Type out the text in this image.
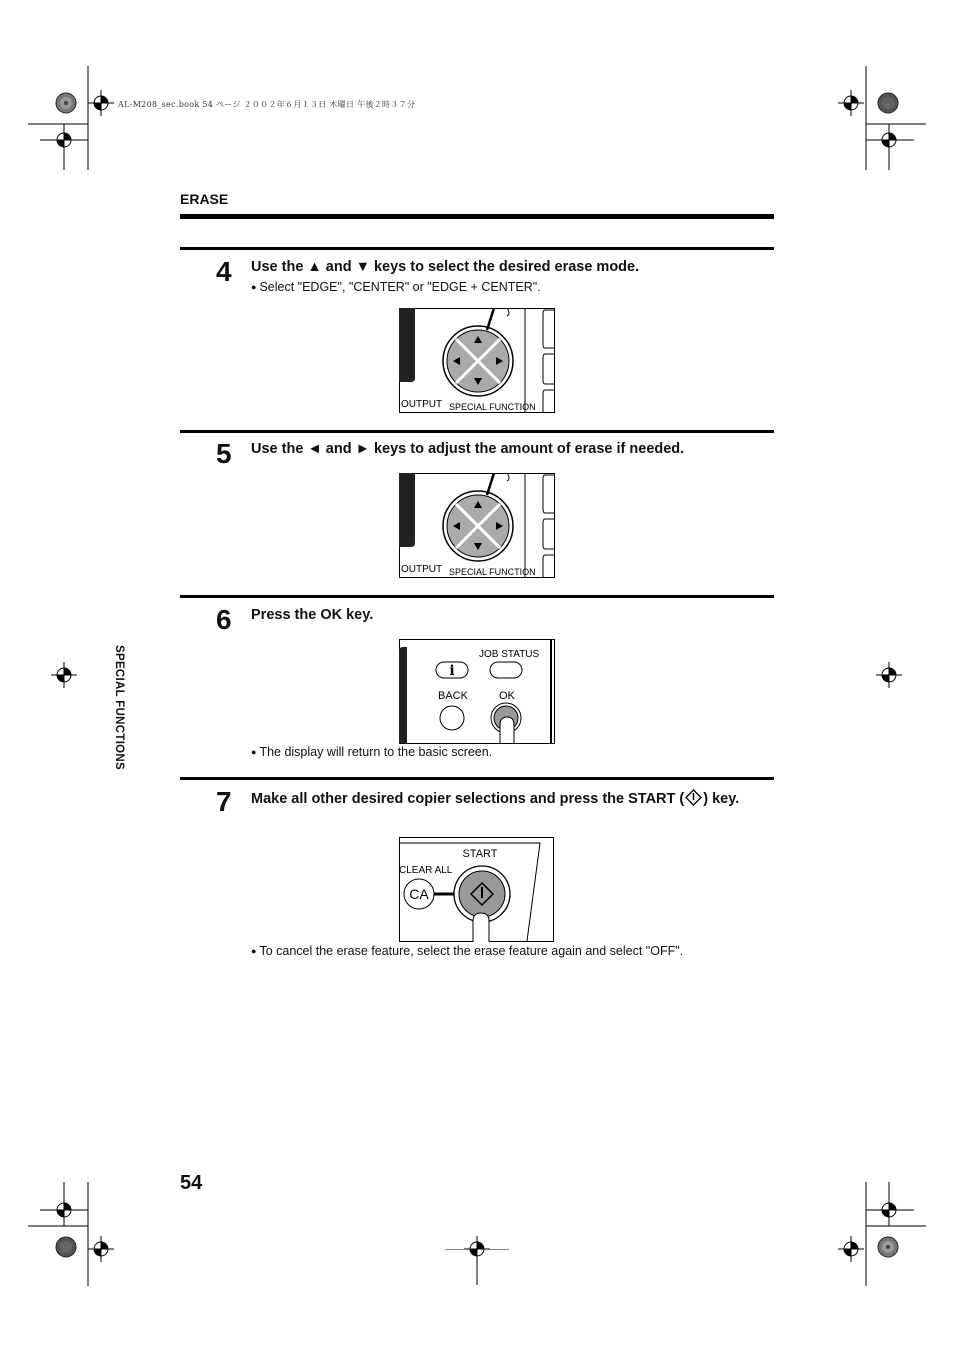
AL-M208_sec.book 54 ページ ２００２年６月１３日 木曜日 午後２時３７分
ERASE
SPECIAL FUNCTIONS
4 Use the ▲ and ▼ keys to select the desired erase mode.
● Select "EDGE", "CENTER" or "EDGE + CENTER".
OUTPUT SPECIAL FUNCTION
5 Use the ◄ and ► keys to adjust the amount of erase if needed.
OUTPUT SPECIAL FUNCTION
6 Press the OK key.
i
JOB STATUS
BACK	OK
● The display will return to the basic screen.
7 Make all other desired copier selections and press the START ( ) key.
START
CLEAR ALL
CA
● To cancel the erase feature, select the erase feature again and select "OFF".
54
